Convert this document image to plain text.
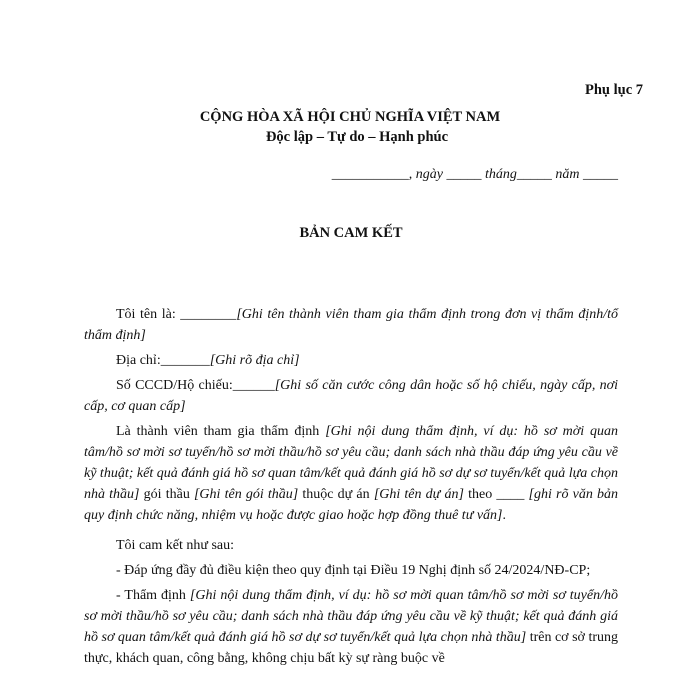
Phụ lục 7
CỘNG HÒA XÃ HỘI CHỦ NGHĨA VIỆT NAM
Độc lập – Tự do – Hạnh phúc
___________, ngày _____ tháng_____ năm _____
BẢN CAM KẾT

Tôi tên là: ________[Ghi tên thành viên tham gia thẩm định trong đơn vị thẩm định/tổ thẩm định]

Địa chỉ:_______[Ghi rõ địa chỉ]

Số CCCD/Hộ chiếu:______[Ghi số căn cước công dân hoặc số hộ chiếu, ngày cấp, nơi cấp, cơ quan cấp]

Là thành viên tham gia thẩm định [Ghi nội dung thẩm định, ví dụ: hồ sơ mời quan tâm/hồ sơ mời sơ tuyển/hồ sơ mời thầu/hồ sơ yêu cầu; danh sách nhà thầu đáp ứng yêu cầu về kỹ thuật; kết quả đánh giá hồ sơ quan tâm/kết quả đánh giá hồ sơ dự sơ tuyển/kết quả lựa chọn nhà thầu] gói thầu [Ghi tên gói thầu] thuộc dự án [Ghi tên dự án] theo ____ [ghi rõ văn bản quy định chức năng, nhiệm vụ hoặc được giao hoặc hợp đồng thuê tư vấn].

Tôi cam kết như sau:

- Đáp ứng đầy đủ điều kiện theo quy định tại Điều 19 Nghị định số 24/2024/NĐ-CP;

- Thẩm định [Ghi nội dung thẩm định, ví dụ: hồ sơ mời quan tâm/hồ sơ mời sơ tuyển/hồ sơ mời thầu/hồ sơ yêu cầu; danh sách nhà thầu đáp ứng yêu cầu về kỹ thuật; kết quả đánh giá hồ sơ quan tâm/kết quả đánh giá hồ sơ dự sơ tuyển/kết quả lựa chọn nhà thầu] trên cơ sở trung thực, khách quan, công bằng, không chịu bất kỳ sự ràng buộc về
